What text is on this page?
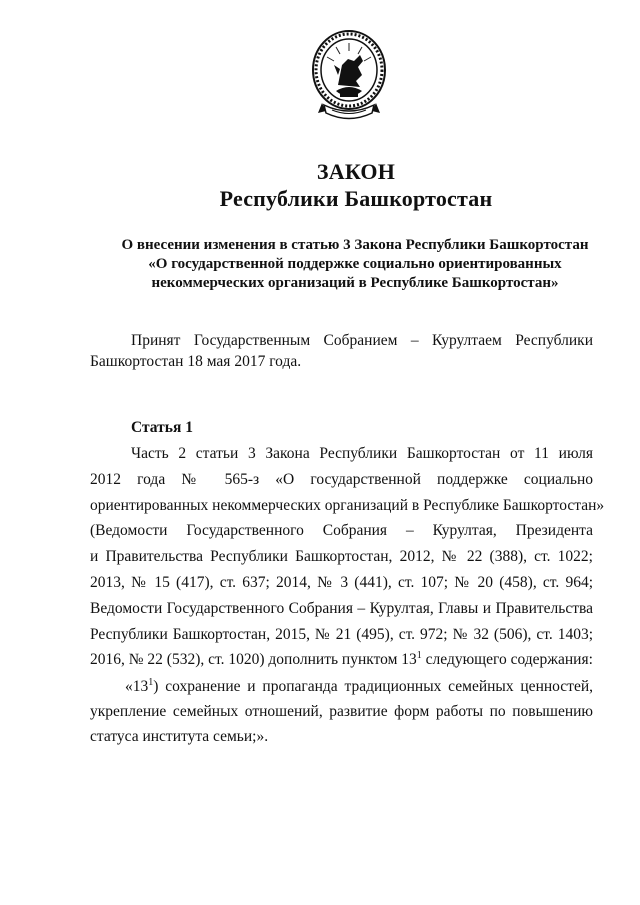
ЗАКОН
Республики Башкортостан
О внесении изменения в статью 3 Закона Республики Башкортостан
«О государственной поддержке социально ориентированных
некоммерческих организаций в Республике Башкортостан»
Принят Государственным Собранием – Курултаем Республики
Башкортостан 18 мая 2017 года.
Статья 1
Часть 2 статьи 3 Закона Республики Башкортостан от 11 июля
2012 года № 565-з «О государственной поддержке социально
ориентированных некоммерческих организаций в Республике Башкортостан»
(Ведомости Государственного Собрания – Курултая, Президента
и Правительства Республики Башкортостан, 2012, № 22 (388), ст. 1022;
2013, № 15 (417), ст. 637; 2014, № 3 (441), ст. 107; № 20 (458), ст. 964;
Ведомости Государственного Собрания – Курултая, Главы и Правительства
Республики Башкортостан, 2015, № 21 (495), ст. 972; № 32 (506), ст. 1403;
2016, № 22 (532), ст. 1020) дополнить пунктом $13^1$ следующего содержания:
«$13^1$) сохранение и пропаганда традиционных семейных ценностей,
укрепление семейных отношений, развитие форм работы по повышению
статуса института семьи;».
